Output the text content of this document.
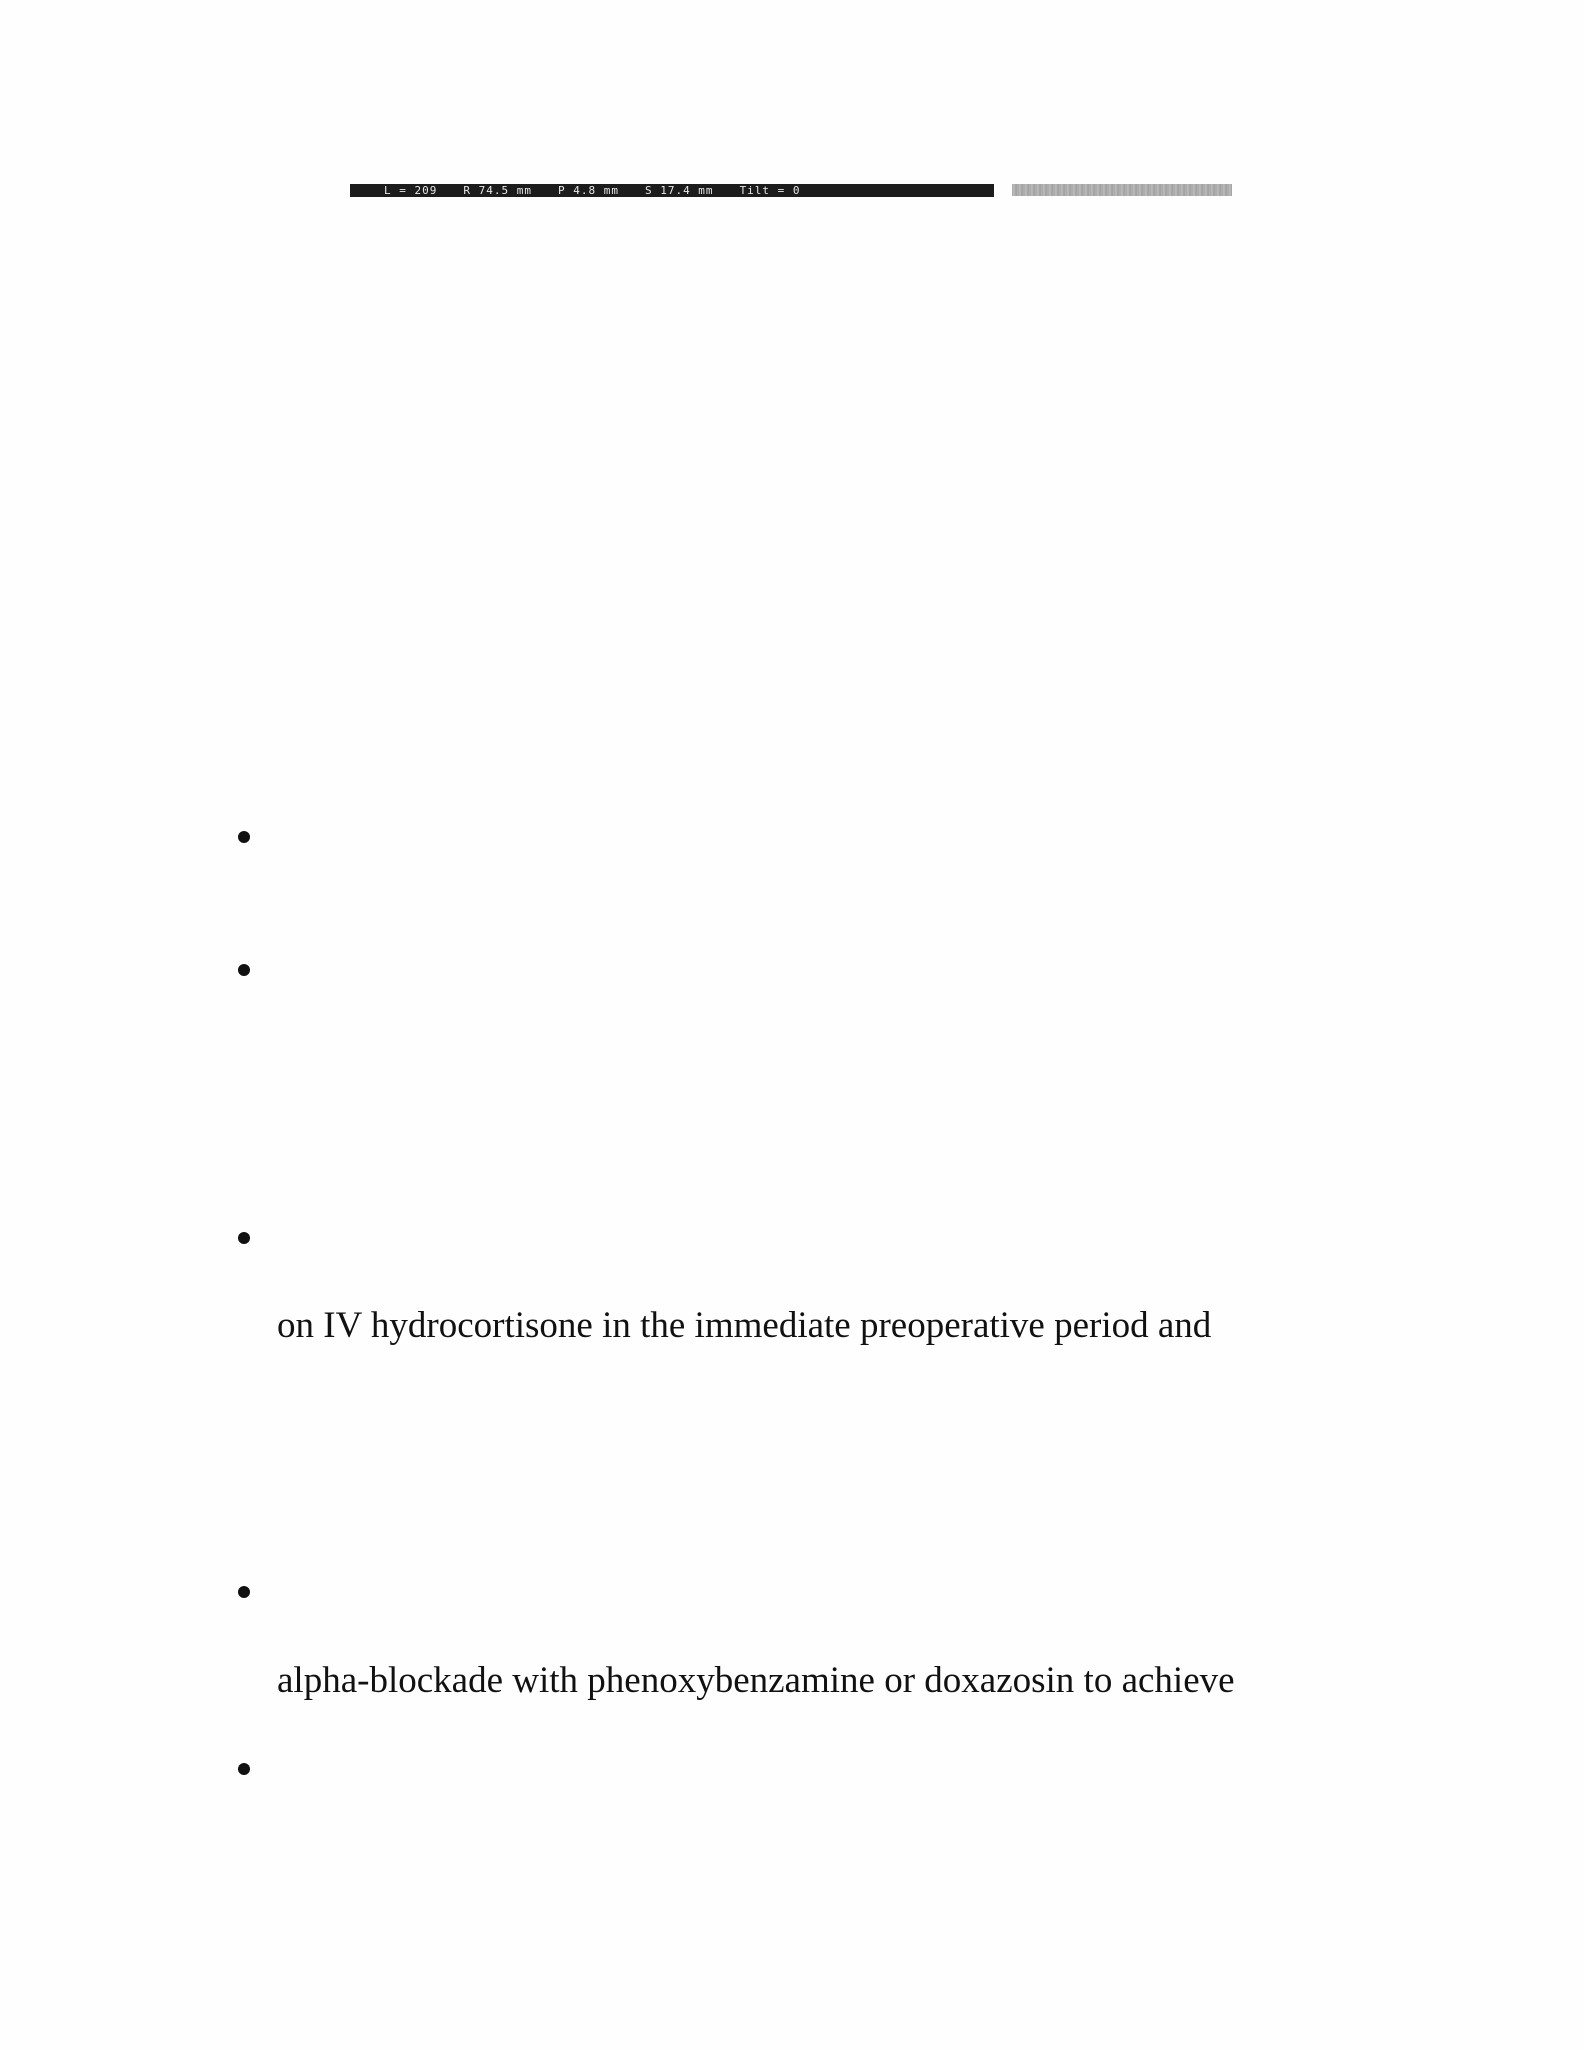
L = 209 R 74.5 mm P 4.8 mm S 17.4 mm Tilt = 0
on IV hydrocortisone in the immediate preoperative period and
alpha-blockade with phenoxybenzamine or doxazosin to achieve
